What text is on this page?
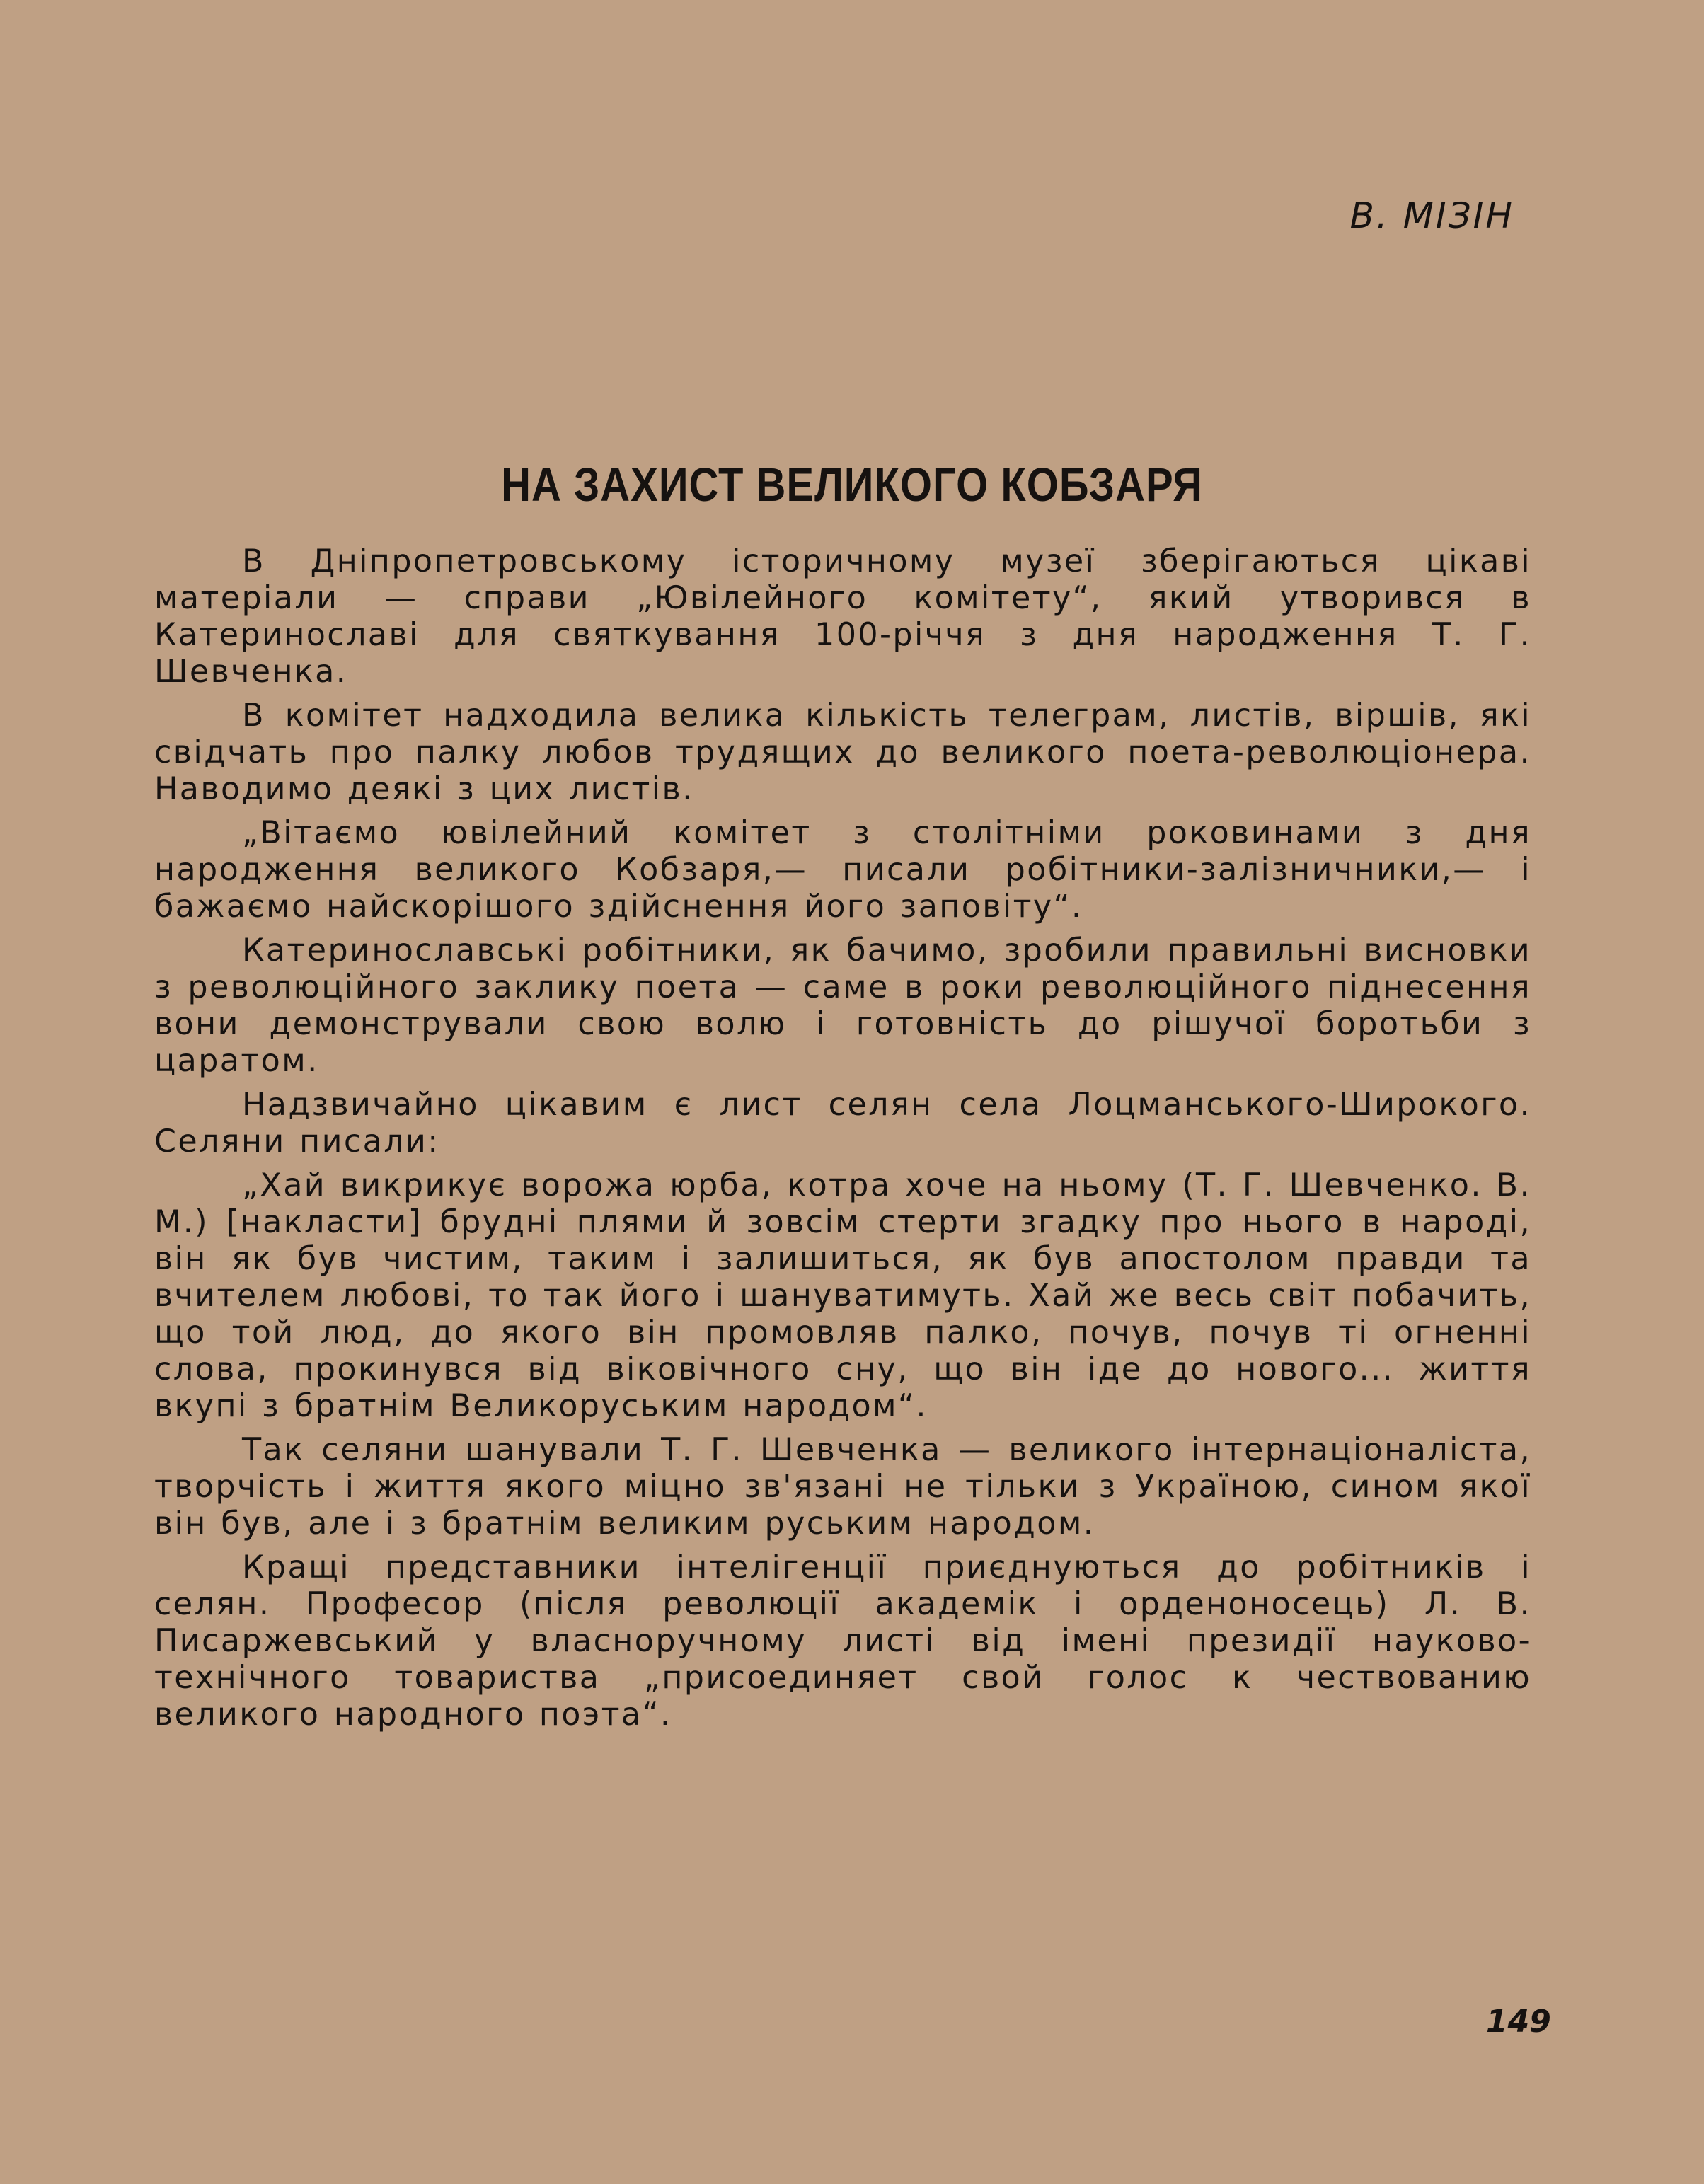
В. МІЗІН
НА ЗАХИСТ ВЕЛИКОГО КОБЗАРЯ

В Дніпропетровському історичному музеї зберігаються цікаві матеріали — справи „Ювілейного комітету“, який утворився в Катеринославі для святкування 100-річчя з дня народження Т. Г. Шевченка.

В комітет надходила велика кількість телеграм, листів, віршів, які свідчать про палку любов трудящих до великого поета-революціонера. Наводимо деякі з цих листів.

„Вітаємо ювілейний комітет з столітніми роковинами з дня народження великого Кобзаря,— писали робітники-залізничники,— і бажаємо найскорішого здійснення його заповіту“.

Катеринославські робітники, як бачимо, зробили правильні висновки з революційного заклику поета — саме в роки революційного піднесення вони демонстрували свою волю і готовність до рішучої боротьби з царатом.

Надзвичайно цікавим є лист селян села Лоцманського-Широкого. Селяни писали:

„Хай викрикує ворожа юрба, котра хоче на ньому (Т. Г. Шевченко. В. М.) [накласти] брудні плями й зовсім стерти згадку про нього в народі, він як був чистим, таким і залишиться, як був апостолом правди та вчителем любові, то так його і шануватимуть. Хай же весь світ побачить, що той люд, до якого він промовляв палко, почув, почув ті огненні слова, прокинувся від віковічного сну, що він іде до нового... життя вкупі з братнім Великоруським народом“.

Так селяни шанували Т. Г. Шевченка — великого інтернаціоналіста, творчість і життя якого міцно зв'язані не тільки з Україною, сином якої він був, але і з братнім великим руським народом.

Кращі представники інтелігенції приєднуються до робітників і селян. Професор (після революції академік і орденоносець) Л. В. Писаржевський у власноручному листі від імені президії науково-технічного товариства „присоединяет свой голос к чествованию великого народного поэта“.

149
